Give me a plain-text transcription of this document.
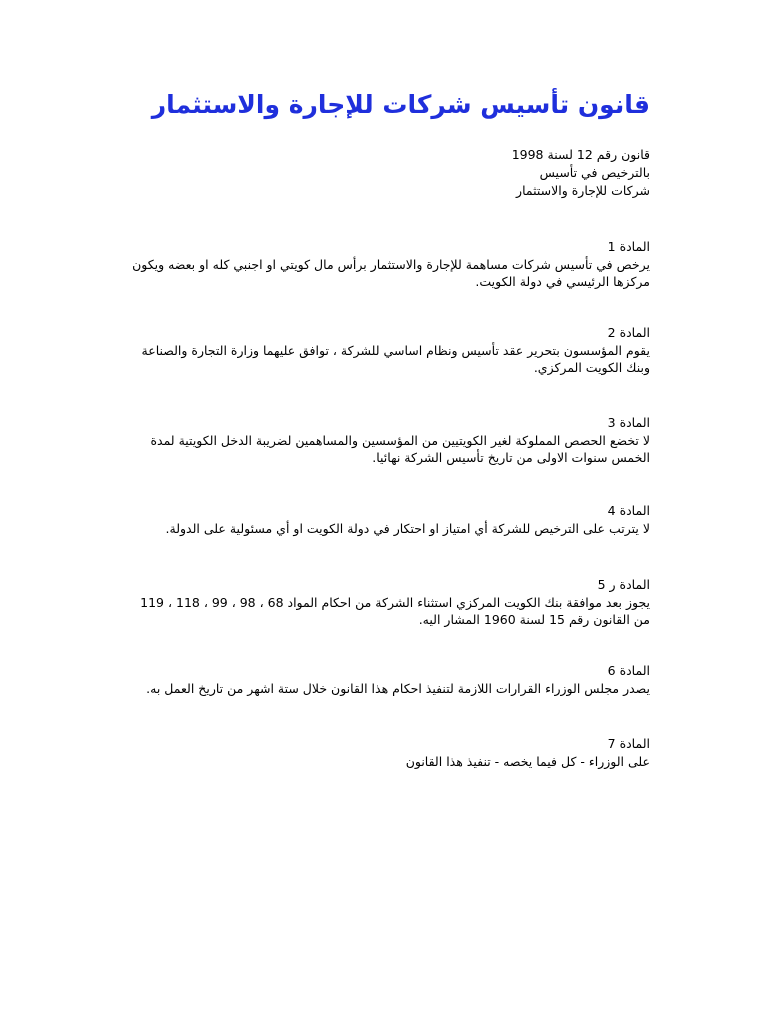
قانون تأسيس شركات للإجارة والاستثمار
قانون رقم 12 لسنة 1998
بالترخيص في تأسيس
شركات للإجارة والاستثمار
المادة 1
يرخص في تأسيس شركات مساهمة للإجارة والاستثمار برأس مال كويتي او اجنبي كله او بعضه ويكون مركزها الرئيسي في دولة الكويت.
المادة 2
يقوم المؤسسون بتحرير عقد تأسيس ونظام اساسي للشركة ، توافق عليهما وزارة التجارة والصناعة وبنك الكويت المركزي.
المادة 3
لا تخضع الحصص المملوكة لغير الكويتيين من المؤسسين والمساهمين لضريبة الدخل الكويتية لمدة الخمس سنوات الاولى من تاريخ تأسيس الشركة نهائيا.
المادة 4
لا يترتب على الترخيص للشركة أي امتياز او احتكار في دولة الكويت او أي مسئولية على الدولة.
المادة ر 5
يجوز بعد موافقة بنك الكويت المركزي استثناء الشركة من احكام المواد 68 ، 98 ، 99 ، 118 ، 119 من القانون رقم 15 لسنة 1960 المشار اليه.
المادة 6
يصدر مجلس الوزراء القرارات اللازمة لتنفيذ احكام هذا القانون خلال ستة اشهر من تاريخ العمل به.
المادة 7
على الوزراء - كل فيما يخصه - تنفيذ هذا القانون
